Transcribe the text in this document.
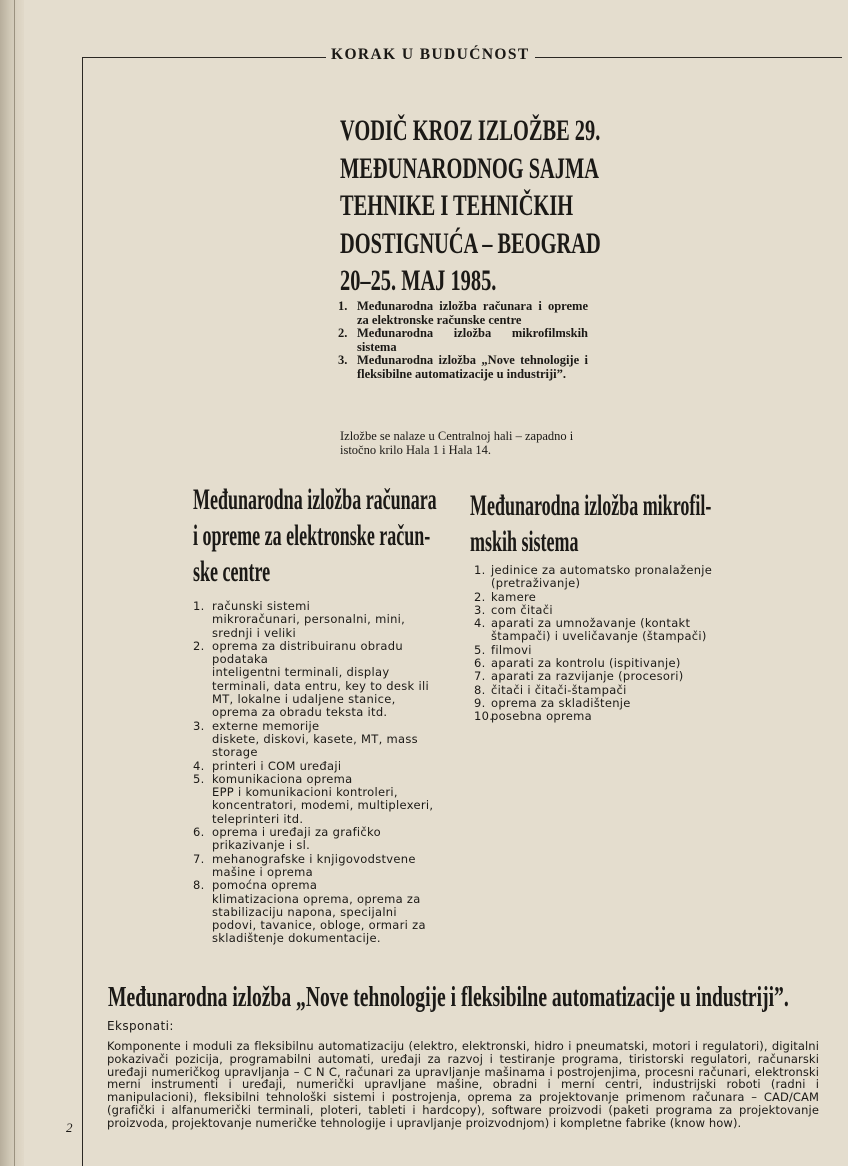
KORAK U BUDUĆNOST
VODIČ KROZ IZLOŽBE 29.
MEĐUNARODNOG SAJMA
TEHNIKE I TEHNIČKIH
DOSTIGNUĆA – BEOGRAD
20–25. MAJ 1985.
1. Međunarodna izložba računara i opreme za elektronske računske centre
2. Međunarodna izložba mikrofilmskih sistema
3. Međunarodna izložba „Nove tehnologije i fleksibilne automatizacije u industriji”.
Izložbe se nalaze u Centralnoj hali – zapadno i istočno krilo Hala 1 i Hala 14.
Međunarodna izložba računara
i opreme za elektronske račun-
ske centre
1. računski sistemi
mikroračunari, personalni, mini, srednji i veliki
2. oprema za distribuiranu obradu podataka
inteligentni terminali, display terminali, data entru, key to desk ili MT, lokalne i udaljene stanice, oprema za obradu teksta itd.
3. externe memorije
diskete, diskovi, kasete, MT, mass storage
4. printeri i COM uređaji
5. komunikaciona oprema
EPP i komunikacioni kontroleri, koncentratori, modemi, multiplexeri, teleprinteri itd.
6. oprema i uređaji za grafičko prikazivanje i sl.
7. mehanografske i knjigovodstvene mašine i oprema
8. pomoćna oprema
klimatizaciona oprema, oprema za stabilizaciju napona, specijalni podovi, tavanice, obloge, ormari za skladištenje dokumentacije.
Međunarodna izložba mikrofil-
mskih sistema
1. jedinice za automatsko pronalaženje (pretraživanje)
2. kamere
3. com čitači
4. aparati za umnožavanje (kontakt štampači) i uveličavanje (štampači)
5. filmovi
6. aparati za kontrolu (ispitivanje)
7. aparati za razvijanje (procesori)
8. čitači i čitači-štampači
9. oprema za skladištenje
10.
posebna oprema
Međunarodna izložba „Nove tehnologije i fleksibilne automatizacije u industriji”.
Eksponati:
Komponente i moduli za fleksibilnu automatizaciju (elektro, elektronski, hidro i pneumatski, motori i regulatori), digitalni pokazivači pozicija, programabilni automati, uređaji za razvoj i testiranje programa, tiristorski regulatori, računarski uređaji numeričkog upravljanja – C N C, računari za upravljanje mašinama i postrojenjima, procesni računari, elektronski merni instrumenti i uređaji, numerički upravljane mašine, obradni i merni centri, industrijski roboti (radni i manipulacioni), fleksibilni tehnološki sistemi i postrojenja, oprema za projektovanje primenom računara – CAD/CAM (grafički i alfanumerički terminali, ploteri, tableti i hardcopy), software proizvodi (paketi programa za projektovanje proizvoda, projektovanje numeričke tehnologije i upravljanje proizvodnjom) i kompletne fabrike (know how).
2
